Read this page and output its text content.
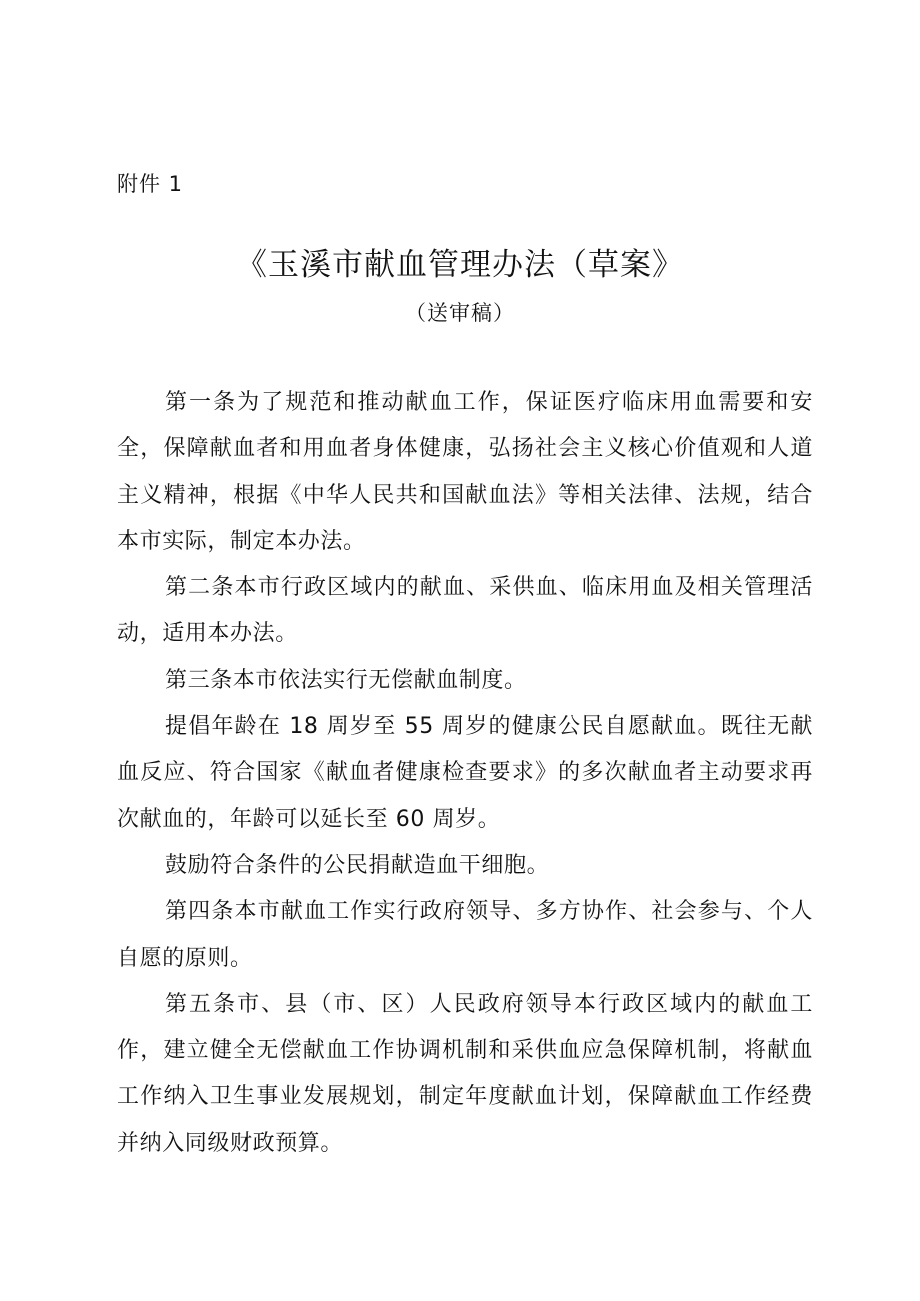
附件 1
《玉溪市献血管理办法（草案》
（送审稿）

第一条为了规范和推动献血工作，保证医疗临床用血需要和安全，保障献血者和用血者身体健康，弘扬社会主义核心价值观和人道主义精神，根据《中华人民共和国献血法》等相关法律、法规，结合本市实际，制定本办法。

第二条本市行政区域内的献血、采供血、临床用血及相关管理活动，适用本办法。

第三条本市依法实行无偿献血制度。

提倡年龄在 18 周岁至 55 周岁的健康公民自愿献血。既往无献血反应、符合国家《献血者健康检查要求》的多次献血者主动要求再次献血的，年龄可以延长至 60 周岁。

鼓励符合条件的公民捐献造血干细胞。

第四条本市献血工作实行政府领导、多方协作、社会参与、个人自愿的原则。

第五条市、县（市、区）人民政府领导本行政区域内的献血工作，建立健全无偿献血工作协调机制和采供血应急保障机制，将献血工作纳入卫生事业发展规划，制定年度献血计划，保障献血工作经费并纳入同级财政预算。
